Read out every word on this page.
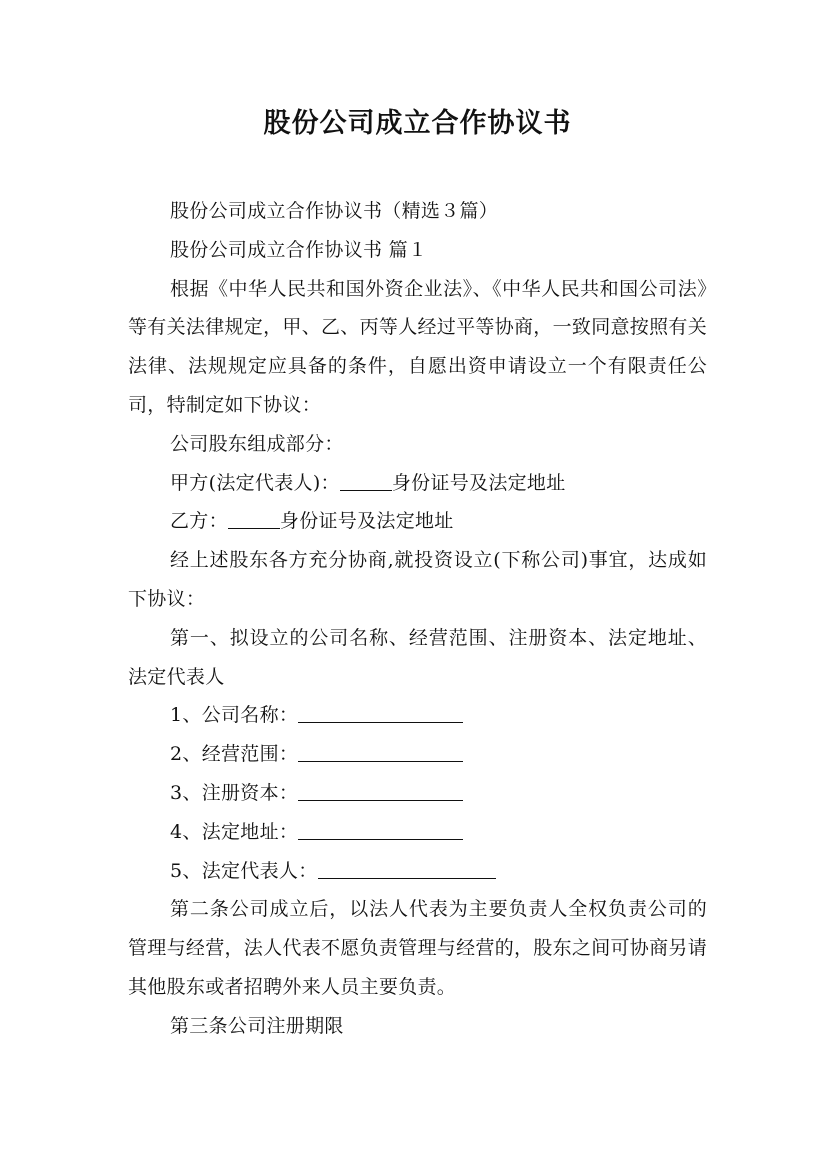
股份公司成立合作协议书

股份公司成立合作协议书（精选３篇）

股份公司成立合作协议书 篇１

根据《中华人民共和国外资企业法》、《中华人民共和国公司法》等有关法律规定，甲、乙、丙等人经过平等协商，一致同意按照有关法律、法规规定应具备的条件，自愿出资申请设立一个有限责任公司，特制定如下协议：

公司股东组成部分：

甲方(法定代表人)：	身份证号及法定地址

乙方：	身份证号及法定地址

经上述股东各方充分协商,就投资设立(下称公司)事宜，达成如下协议：

第一、拟设立的公司名称、经营范围、注册资本、法定地址、法定代表人

1、公司名称：

2、经营范围：

3、注册资本：

4、法定地址：

5、法定代表人：

第二条公司成立后，以法人代表为主要负责人全权负责公司的管理与经营，法人代表不愿负责管理与经营的，股东之间可协商另请其他股东或者招聘外来人员主要负责。

第三条公司注册期限
